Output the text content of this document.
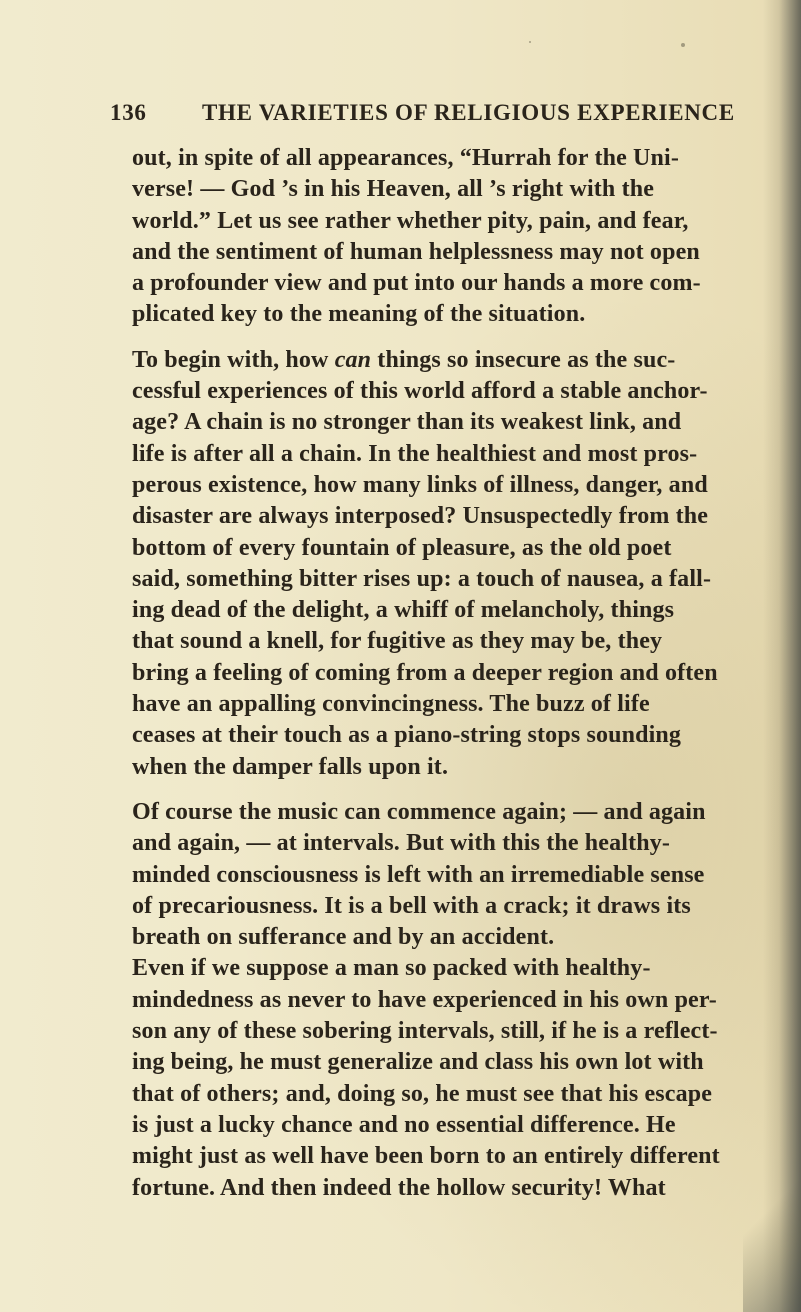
136 THE VARIETIES OF RELIGIOUS EXPERIENCE

out, in spite of all appearances, “Hurrah for the Uni-
verse! — God ’s in his Heaven, all ’s right with the
world.” Let us see rather whether pity, pain, and fear,
and the sentiment of human helplessness may not open
a profounder view and put into our hands a more com-
plicated key to the meaning of the situation.

To begin with, how can things so insecure as the suc-
cessful experiences of this world afford a stable anchor-
age? A chain is no stronger than its weakest link, and
life is after all a chain. In the healthiest and most pros-
perous existence, how many links of illness, danger, and
disaster are always interposed? Unsuspectedly from the
bottom of every fountain of pleasure, as the old poet
said, something bitter rises up: a touch of nausea, a fall-
ing dead of the delight, a whiff of melancholy, things
that sound a knell, for fugitive as they may be, they
bring a feeling of coming from a deeper region and often
have an appalling convincingness. The buzz of life
ceases at their touch as a piano-string stops sounding
when the damper falls upon it.

Of course the music can commence again; — and again
and again, — at intervals. But with this the healthy-
minded consciousness is left with an irremediable sense
of precariousness. It is a bell with a crack; it draws its
breath on sufferance and by an accident.

Even if we suppose a man so packed with healthy-
mindedness as never to have experienced in his own per-
son any of these sobering intervals, still, if he is a reflect-
ing being, he must generalize and class his own lot with
that of others; and, doing so, he must see that his escape
is just a lucky chance and no essential difference. He
might just as well have been born to an entirely different
fortune. And then indeed the hollow security! What
